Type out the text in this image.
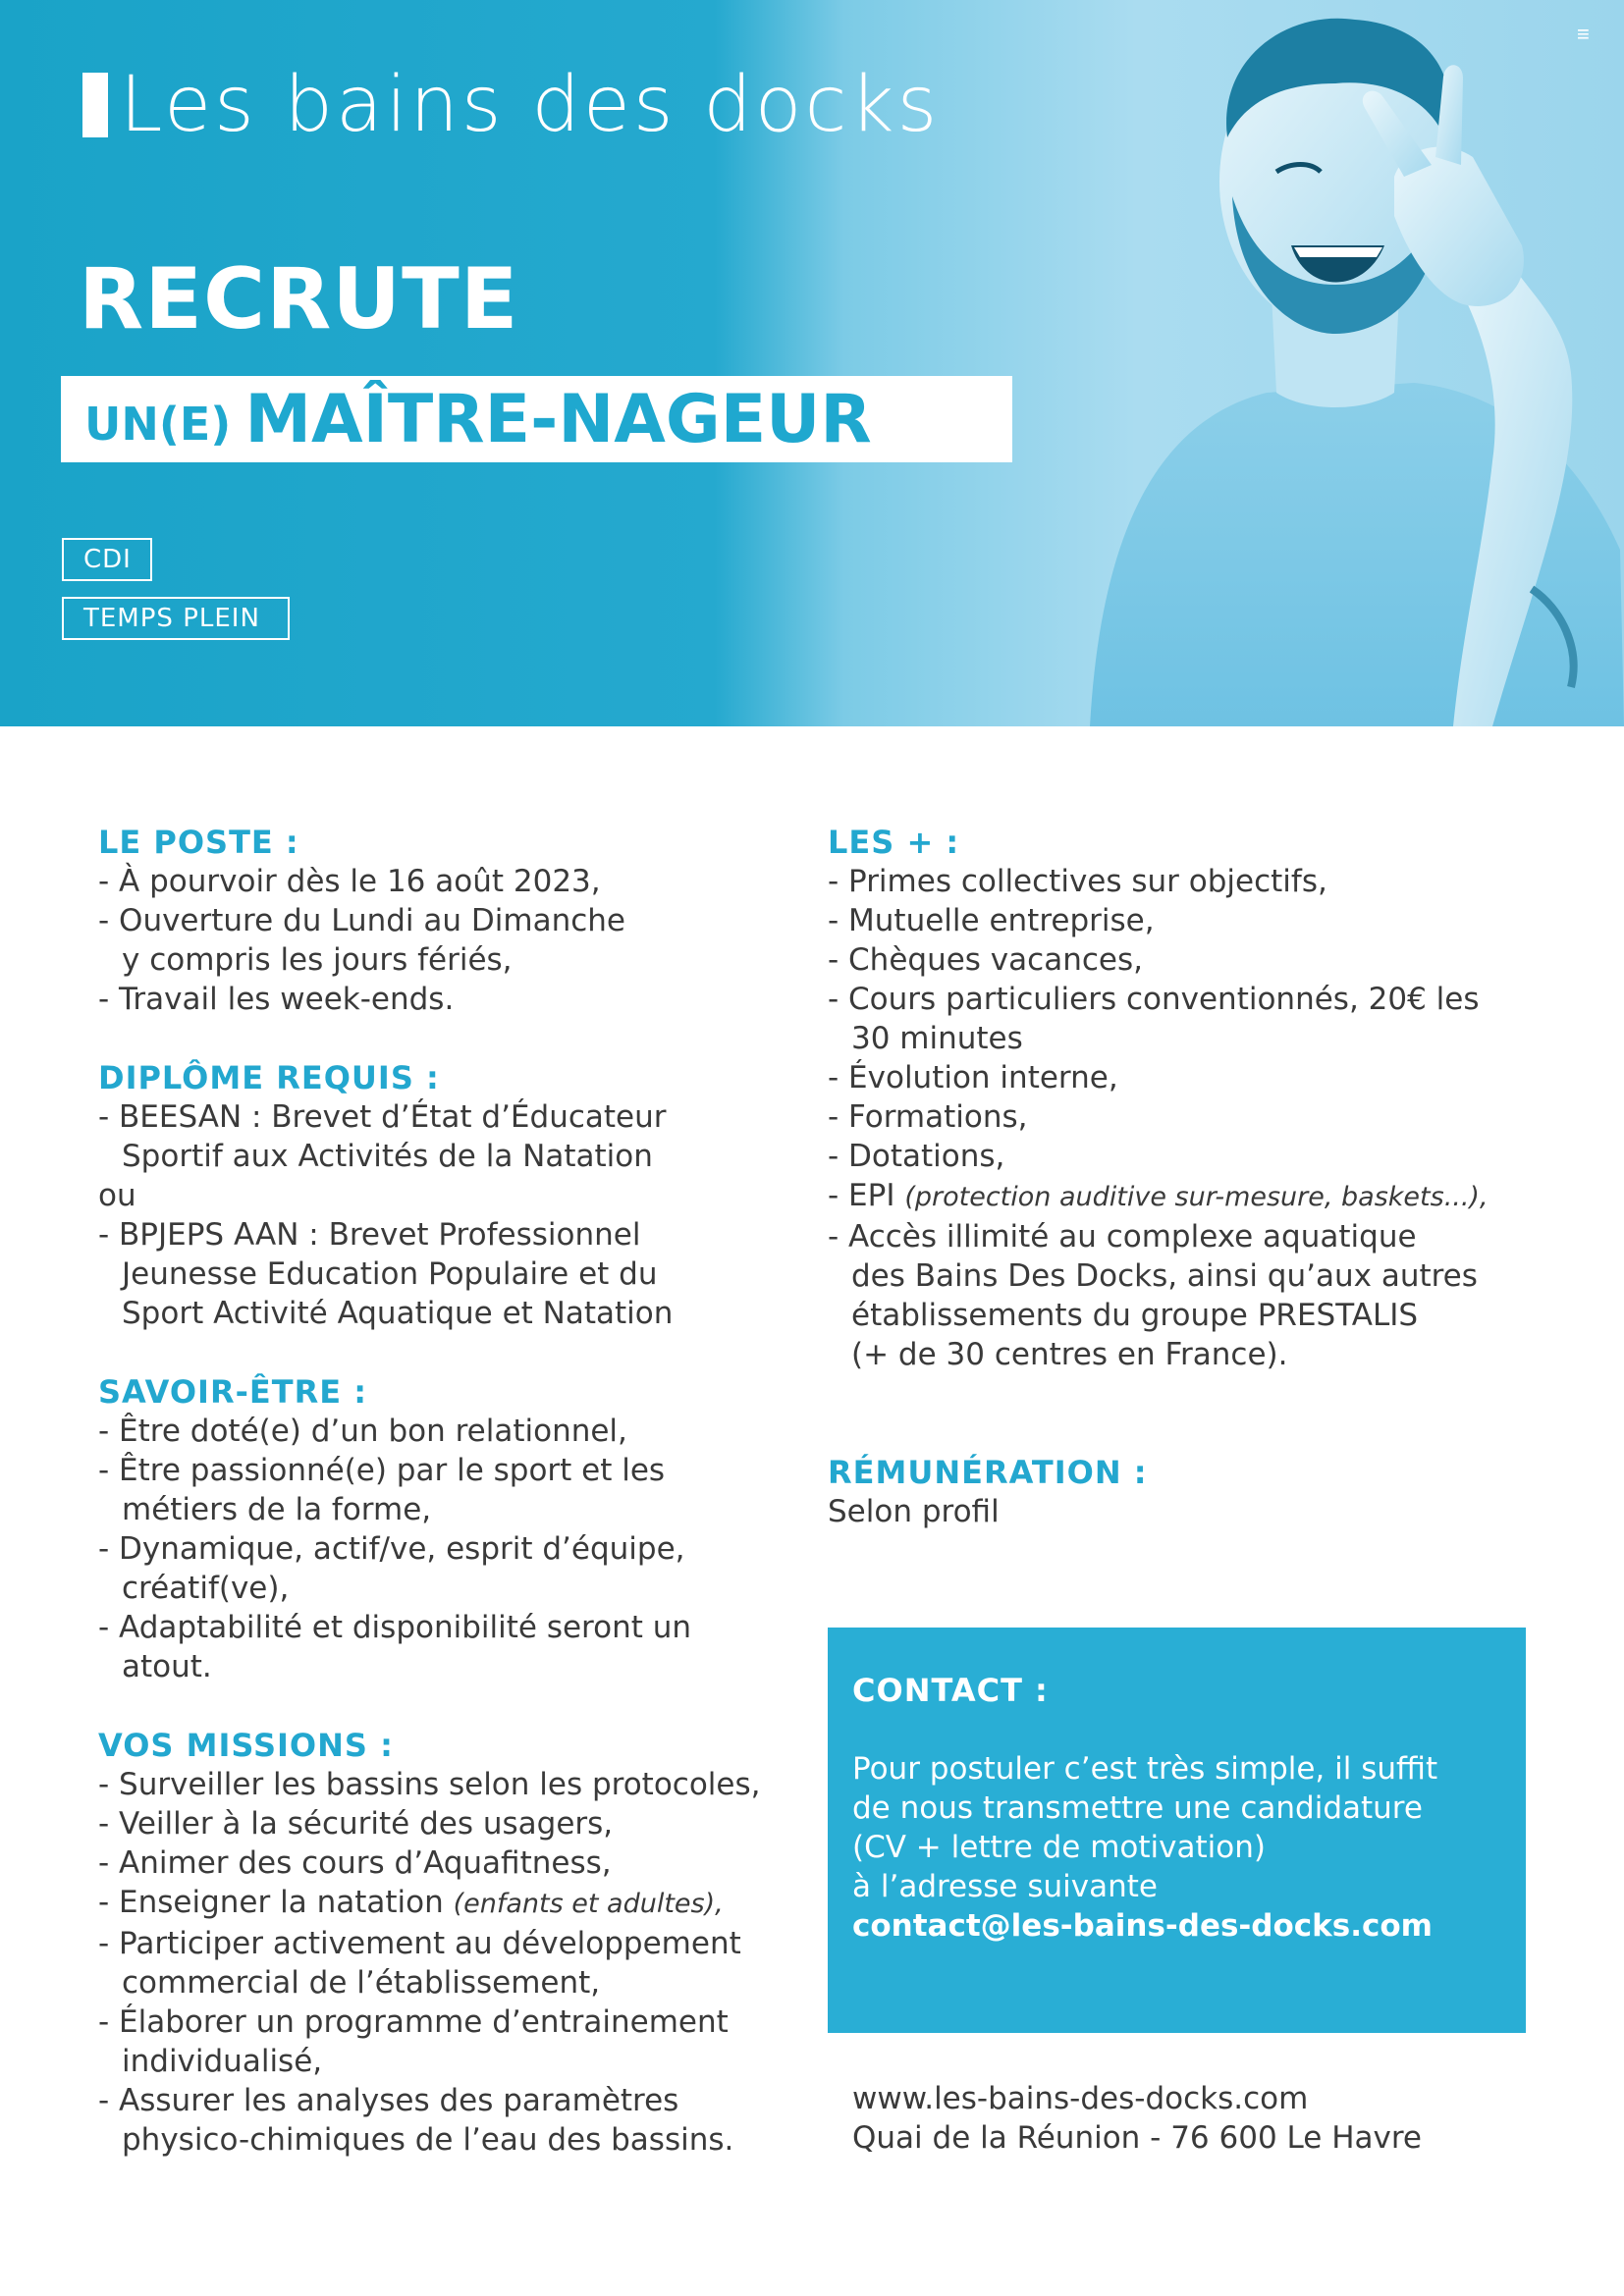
Les bains des docks
RECRUTE
UN(E) MAÎTRE-NAGEUR
CDI
TEMPS PLEIN
≡
LE POSTE :
- À pourvoir dès le 16 août 2023,
- Ouverture du Lundi au Dimanche
y compris les jours fériés,
- Travail les week-ends.
DIPLÔME REQUIS :
- BEESAN : Brevet d’État d’Éducateur
Sportif aux Activités de la Natation
ou
- BPJEPS AAN : Brevet Professionnel
Jeunesse Education Populaire et du
Sport Activité Aquatique et Natation
SAVOIR-ÊTRE :
- Être doté(e) d’un bon relationnel,
- Être passionné(e) par le sport et les
métiers de la forme,
- Dynamique, actif/ve, esprit d’équipe,
créatif(ve),
- Adaptabilité et disponibilité seront un
atout.
VOS MISSIONS :
- Surveiller les bassins selon les protocoles,
- Veiller à la sécurité des usagers,
- Animer des cours d’Aquafitness,
- Enseigner la natation (enfants et adultes),
- Participer activement au développement
commercial de l’établissement,
- Élaborer un programme d’entrainement
individualisé,
- Assurer les analyses des paramètres
physico-chimiques de l’eau des bassins.
LES + :
- Primes collectives sur objectifs,
- Mutuelle entreprise,
- Chèques vacances,
- Cours particuliers conventionnés, 20€ les
30 minutes
- Évolution interne,
- Formations,
- Dotations,
- EPI (protection auditive sur-mesure, baskets...),
- Accès illimité au complexe aquatique
des Bains Des Docks, ainsi qu’aux autres
établissements du groupe PRESTALIS
(+ de 30 centres en France).
RÉMUNÉRATION :
Selon profil
CONTACT :
Pour postuler c’est très simple, il suffit
de nous transmettre une candidature
(CV + lettre de motivation)
à l’adresse suivante
contact@les-bains-des-docks.com
www.les-bains-des-docks.com
Quai de la Réunion - 76 600 Le Havre
